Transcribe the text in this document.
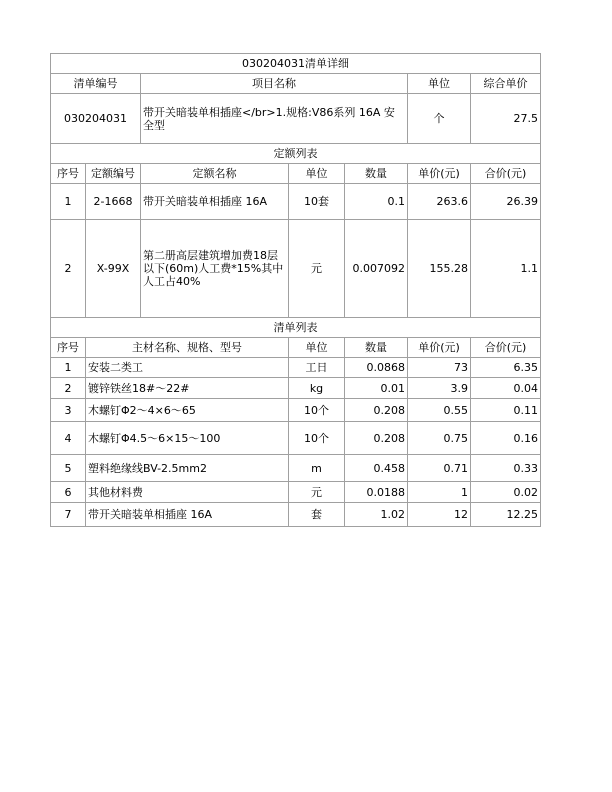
030204031清单详细						
清单编号		项目名称			单位	综合单价
030204031		带开关暗装单相插座</br>1.规格:V86系列 16A 安全型			个	27.5
定额列表						
序号	定额编号	定额名称	单位	数量	单价(元)	合价(元)
1	2-1668	带开关暗装单相插座 16A	10套	0.1	263.6	26.39
2	X-99X	第二册高层建筑增加费18层以下(60m)人工费*15%其中人工占40%	元	0.007092	155.28	1.1
清单列表						
序号	主材名称、规格、型号		单位	数量	单价(元)	合价(元)
1	安装二类工		工日	0.0868	73	6.35
2	镀锌铁丝18#～22#		kg	0.01	3.9	0.04
3	木螺钉Φ2～4×6～65		10个	0.208	0.55	0.11
4	木螺钉Φ4.5～6×15～100		10个	0.208	0.75	0.16
5	塑料绝缘线BV-2.5mm2		m	0.458	0.71	0.33
6	其他材料费		元	0.0188	1	0.02
7	带开关暗装单相插座 16A		套	1.02	12	12.25
